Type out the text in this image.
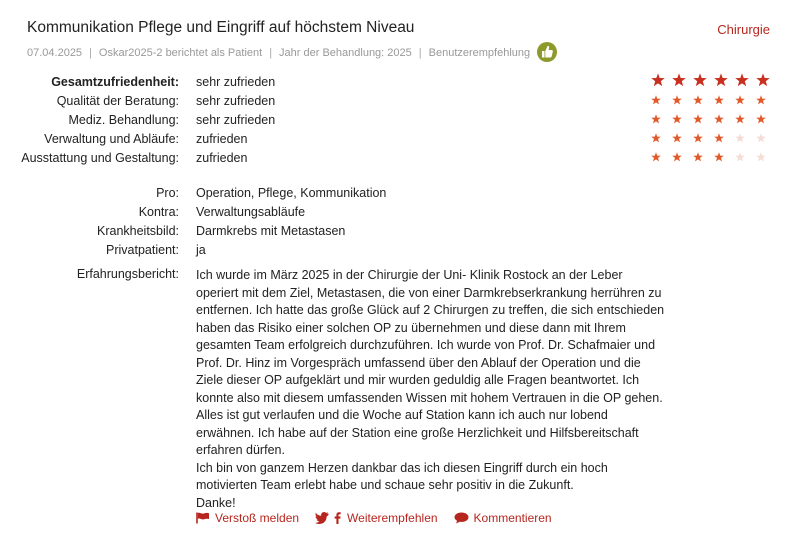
Kommunikation Pflege und Eingriff auf höchstem Niveau	Chirurgie
07.04.2025 | Oskar2025-2 berichtet als Patient | Jahr der Behandlung: 2025 | Benutzerempfehlung
Gesamtzufriedenheit: sehr zufrieden
Qualität der Beratung: sehr zufrieden
Mediz. Behandlung: sehr zufrieden
Verwaltung und Abläufe: zufrieden
Ausstattung und Gestaltung: zufrieden
Pro: Operation, Pflege, Kommunikation
Kontra: Verwaltungsabläufe
Krankheitsbild: Darmkrebs mit Metastasen
Privatpatient: ja
Erfahrungsbericht: Ich wurde im März 2025 in der Chirurgie der Uni- Klinik Rostock an der Leber operiert mit dem Ziel, Metastasen, die von einer Darmkrebserkrankung herrühren zu entfernen. Ich hatte das große Glück auf 2 Chirurgen zu treffen, die sich entschieden haben das Risiko einer solchen OP zu übernehmen und diese dann mit Ihrem gesamten Team erfolgreich durchzuführen. Ich wurde von Prof. Dr. Schafmaier und Prof. Dr. Hinz im Vorgespräch umfassend über den Ablauf der Operation und die Ziele dieser OP aufgeklärt und mir wurden geduldig alle Fragen beantwortet. Ich konnte also mit diesem umfassenden Wissen mit hohem Vertrauen in die OP gehen. Alles ist gut verlaufen und die Woche auf Station kann ich auch nur lobend erwähnen. Ich habe auf der Station eine große Herzlichkeit und Hilfsbereitschaft erfahren dürfen.

Ich bin von ganzem Herzen dankbar das ich diesen Eingriff durch ein hoch motivierten Team erlebt habe und schaue sehr positiv in die Zukunft.

Danke!

Verstoß melden	Weiterempfehlen	Kommentieren
